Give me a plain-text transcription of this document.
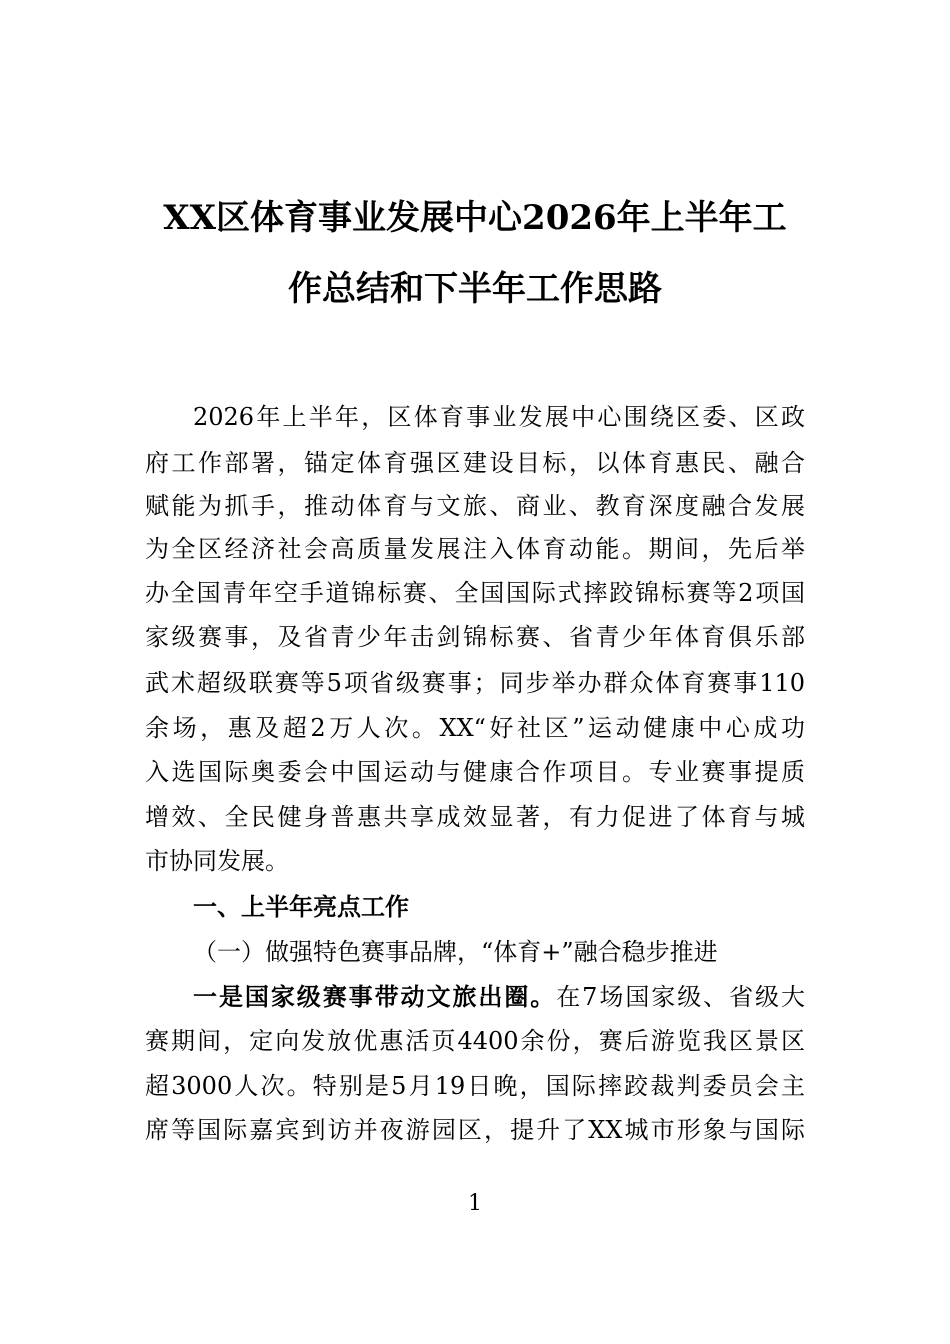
XX区体育事业发展中心2026年上半年工
作总结和下半年工作思路
2026年上半年，区体育事业发展中心围绕区委、区政
府工作部署，锚定体育强区建设目标，以体育惠民、融合
赋能为抓手，推动体育与文旅、商业、教育深度融合发展
为全区经济社会高质量发展注入体育动能。期间，先后举
办全国青年空手道锦标赛、全国国际式摔跤锦标赛等2项国
家级赛事，及省青少年击剑锦标赛、省青少年体育俱乐部
武术超级联赛等5项省级赛事；同步举办群众体育赛事110
余场，惠及超2万人次。XX“好社区”运动健康中心成功
入选国际奥委会中国运动与健康合作项目。专业赛事提质
增效、全民健身普惠共享成效显著，有力促进了体育与城
市协同发展。
一、上半年亮点工作
（一）做强特色赛事品牌，“体育+”融合稳步推进
一是国家级赛事带动文旅出圈。在7场国家级、省级大
赛期间，定向发放优惠活页4400余份，赛后游览我区景区
超3000人次。特别是5月19日晚，国际摔跤裁判委员会主
席等国际嘉宾到访并夜游园区，提升了XX城市形象与国际
1
